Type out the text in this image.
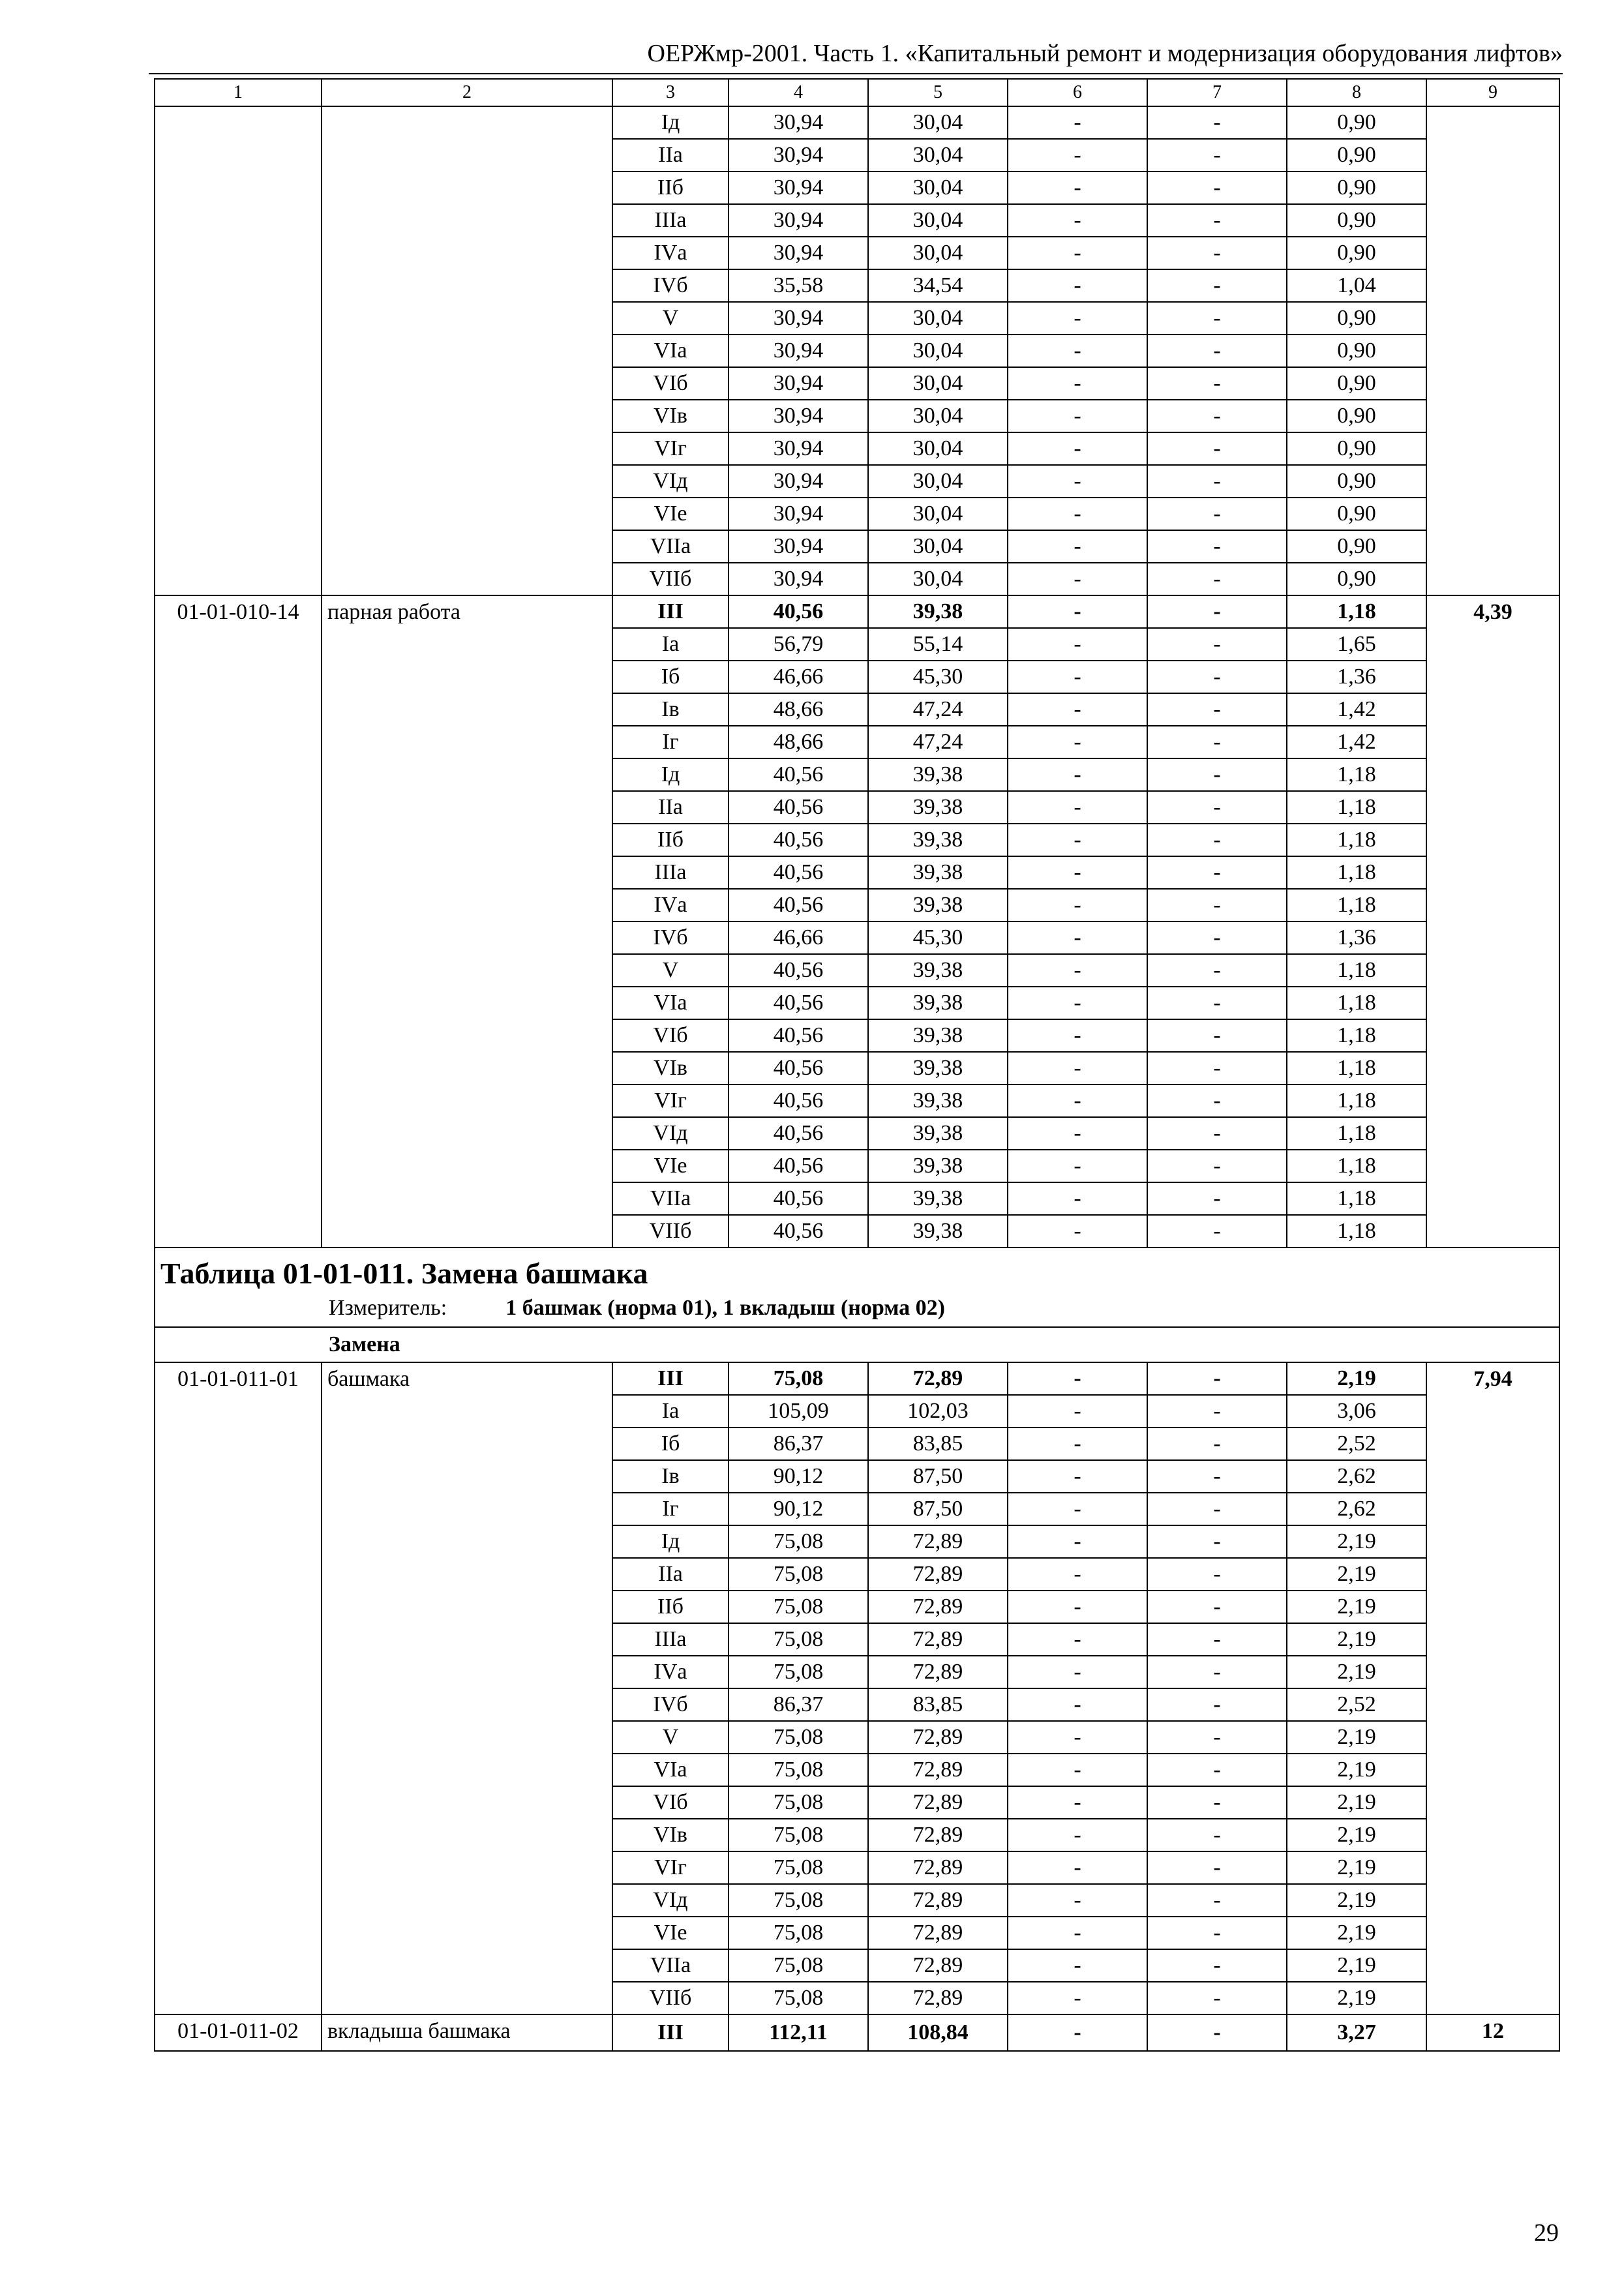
ОЕРЖмр-2001. Часть 1. «Капитальный ремонт и модернизация оборудования лифтов»
1	2	3	4	5	6	7	8	9
		Iд	30,94	30,04	-	-	0,90	
		IIа	30,94	30,04	-	-	0,90	
		IIб	30,94	30,04	-	-	0,90	
		IIIа	30,94	30,04	-	-	0,90	
		IVа	30,94	30,04	-	-	0,90	
		IVб	35,58	34,54	-	-	1,04	
		V	30,94	30,04	-	-	0,90	
		VIа	30,94	30,04	-	-	0,90	
		VIб	30,94	30,04	-	-	0,90	
		VIв	30,94	30,04	-	-	0,90	
		VIг	30,94	30,04	-	-	0,90	
		VIд	30,94	30,04	-	-	0,90	
		VIе	30,94	30,04	-	-	0,90	
		VIIа	30,94	30,04	-	-	0,90	
		VIIб	30,94	30,04	-	-	0,90	
01-01-010-14	парная работа	III	40,56	39,38	-	-	1,18	4,39
		Iа	56,79	55,14	-	-	1,65	
		Iб	46,66	45,30	-	-	1,36	
		Iв	48,66	47,24	-	-	1,42	
		Iг	48,66	47,24	-	-	1,42	
		Iд	40,56	39,38	-	-	1,18	
		IIа	40,56	39,38	-	-	1,18	
		IIб	40,56	39,38	-	-	1,18	
		IIIа	40,56	39,38	-	-	1,18	
		IVа	40,56	39,38	-	-	1,18	
		IVб	46,66	45,30	-	-	1,36	
		V	40,56	39,38	-	-	1,18	
		VIа	40,56	39,38	-	-	1,18	
		VIб	40,56	39,38	-	-	1,18	
		VIв	40,56	39,38	-	-	1,18	
		VIг	40,56	39,38	-	-	1,18	
		VIд	40,56	39,38	-	-	1,18	
		VIе	40,56	39,38	-	-	1,18	
		VIIа	40,56	39,38	-	-	1,18	
		VIIб	40,56	39,38	-	-	1,18	

Таблица 01-01-011. Замена башмака
Измеритель: 1 башмак (норма 01), 1 вкладыш (норма 02)								

Замена								
01-01-011-01	башмака	III	75,08	72,89	-	-	2,19	7,94
		Iа	105,09	102,03	-	-	3,06	
		Iб	86,37	83,85	-	-	2,52	
		Iв	90,12	87,50	-	-	2,62	
		Iг	90,12	87,50	-	-	2,62	
		Iд	75,08	72,89	-	-	2,19	
		IIа	75,08	72,89	-	-	2,19	
		IIб	75,08	72,89	-	-	2,19	
		IIIа	75,08	72,89	-	-	2,19	
		IVа	75,08	72,89	-	-	2,19	
		IVб	86,37	83,85	-	-	2,52	
		V	75,08	72,89	-	-	2,19	
		VIа	75,08	72,89	-	-	2,19	
		VIб	75,08	72,89	-	-	2,19	
		VIв	75,08	72,89	-	-	2,19	
		VIг	75,08	72,89	-	-	2,19	
		VIд	75,08	72,89	-	-	2,19	
		VIе	75,08	72,89	-	-	2,19	
		VIIа	75,08	72,89	-	-	2,19	
		VIIб	75,08	72,89	-	-	2,19	
01-01-011-02	вкладыша башмака	III	112,11	108,84	-	-	3,27	12
29
